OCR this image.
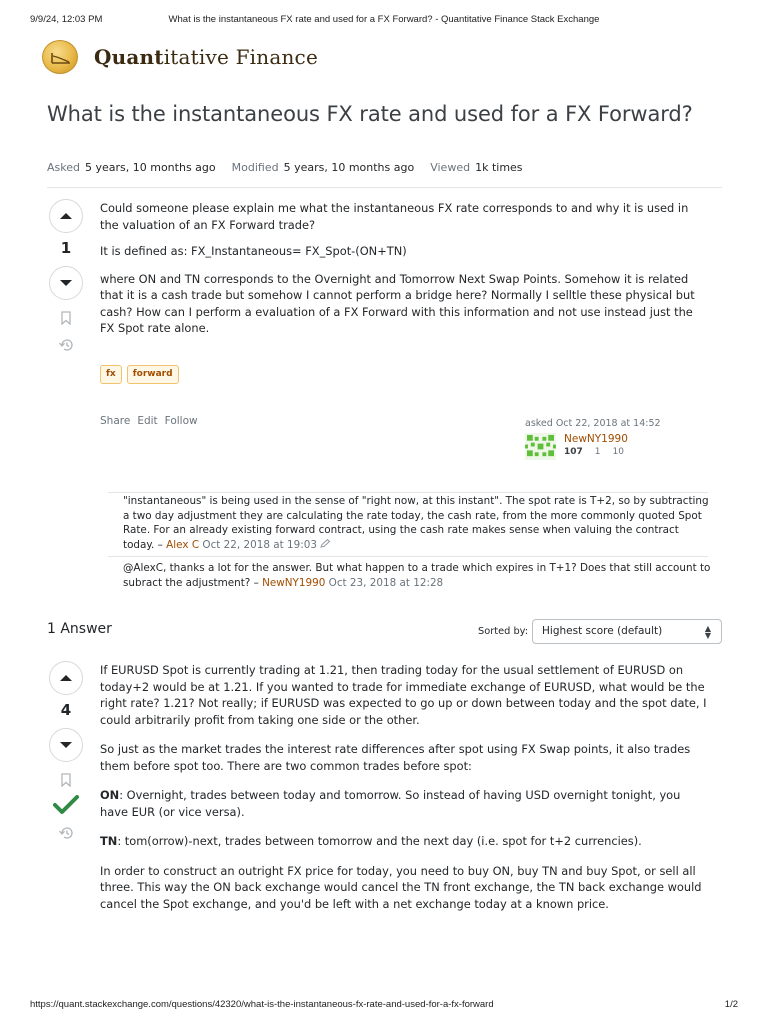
9/9/24, 12:03 PM	What is the instantaneous FX rate and used for a FX Forward? - Quantitative Finance Stack Exchange
Quantitative Finance
What is the instantaneous FX rate and used for a FX Forward?
Asked 5 years, 10 months ago Modified 5 years, 10 months ago Viewed 1k times
1

Could someone please explain me what the instantaneous FX rate corresponds to and why it is used in the valuation of an FX Forward trade?

It is defined as: FX_Instantaneous= FX_Spot-(ON+TN)

where ON and TN corresponds to the Overnight and Tomorrow Next Swap Points. Somehow it is related that it is a cash trade but somehow I cannot perform a bridge here? Normally I selltle these physical but cash? How can I perform a evaluation of a FX Forward with this information and not use instead just the FX Spot rate alone.

fx	forward
Share Edit Follow	asked Oct 22, 2018 at 14:52
NewNY1990
107 1 10
"instantaneous" is being used in the sense of "right now, at this instant". The spot rate is T+2, so by subtracting a two day adjustment they are calculating the rate today, the cash rate, from the more commonly quoted Spot Rate. For an already existing forward contract, using the cash rate makes sense when valuing the contract today. – Alex C Oct 22, 2018 at 19:03
@AlexC, thanks a lot for the answer. But what happen to a trade which expires in T+1? Does that still account to subract the adjustment? – NewNY1990 Oct 23, 2018 at 12:28
1 Answer	Sorted by:	Highest score (default)	▲
▼
4

If EURUSD Spot is currently trading at 1.21, then trading today for the usual settlement of EURUSD on today+2 would be at 1.21. If you wanted to trade for immediate exchange of EURUSD, what would be the right rate? 1.21? Not really; if EURUSD was expected to go up or down between today and the spot date, I could arbitrarily profit from taking one side or the other.

So just as the market trades the interest rate differences after spot using FX Swap points, it also trades them before spot too. There are two common trades before spot:

ON: Overnight, trades between today and tomorrow. So instead of having USD overnight tonight, you have EUR (or vice versa).

TN: tom(orrow)-next, trades between tomorrow and the next day (i.e. spot for t+2 currencies).

In order to construct an outright FX price for today, you need to buy ON, buy TN and buy Spot, or sell all three. This way the ON back exchange would cancel the TN front exchange, the TN back exchange would cancel the Spot exchange, and you'd be left with a net exchange today at a known price.

https://quant.stackexchange.com/questions/42320/what-is-the-instantaneous-fx-rate-and-used-for-a-fx-forward	1/2
